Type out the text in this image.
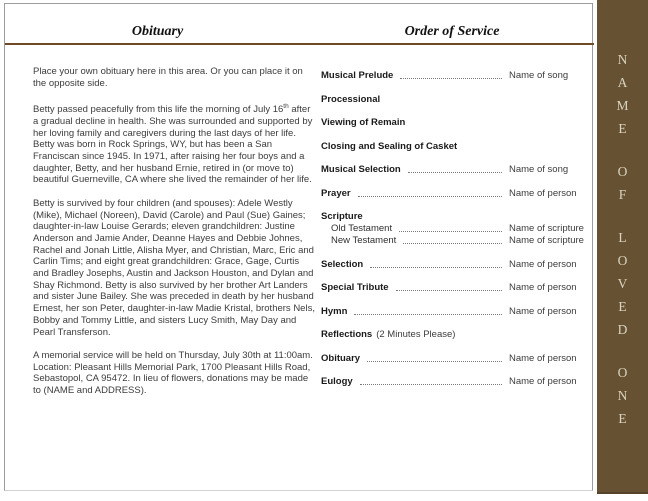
Obituary	Order of Service
Place your own obituary here in this area. Or you can place it on the opposite side.
Betty passed peacefully from this life the morning of July 16th after a gradual decline in health. She was surrounded and supported by her loving family and caregivers during the last days of her life. Betty was born in Rock Springs, WY, but has been a San Franciscan since 1945. In 1971, after raising her four boys and a daughter, Betty, and her husband Ernie, retired in (or move to) beautiful Guerneville, CA where she lived the remainder of her life.
Betty is survived by four children (and spouses): Adele Westly (Mike), Michael (Noreen), David (Carole) and Paul (Sue) Gaines; daughter-in-law Louise Gerards; eleven grandchildren: Justine Anderson and Jamie Ander, Deanne Hayes and Debbie Johnes, Rachel and Jonah Little, Alisha Myer, and Christian, Marc, Eric and Carlin Tims; and eight great grandchildren: Grace, Gage, Curtis and Bradley Josephs, Austin and Jackson Houston, and Dylan and Shay Richmond. Betty is also survived by her brother Art Landers and sister June Bailey. She was preceded in death by her husband Ernest, her son Peter, daughter-in-law Madie Kristal, brothers Nels, Bobby and Tommy Little, and sisters Lucy Smith, May Day and Pearl Transferson.
A memorial service will be held on Thursday, July 30th at 11:00am. Location: Pleasant Hills Memorial Park, 1700 Pleasant Hills Road, Sebastopol, CA 95472. In lieu of flowers, donations may be made to (NAME and ADDRESS).
Musical Prelude	Name of song
Processional
Viewing of Remain
Closing and Sealing of Casket
Musical Selection	Name of song
Prayer	Name of person
Scripture
Old Testament	Name of scripture
New Testament	Name of scripture
Selection	Name of person
Special Tribute	Name of person
Hymn	Name of person
Reflections (2 Minutes Please)
Obituary	Name of person
Eulogy	Name of person
N
A
M
E
O
F
L
O
V
E
D
O
N
E
